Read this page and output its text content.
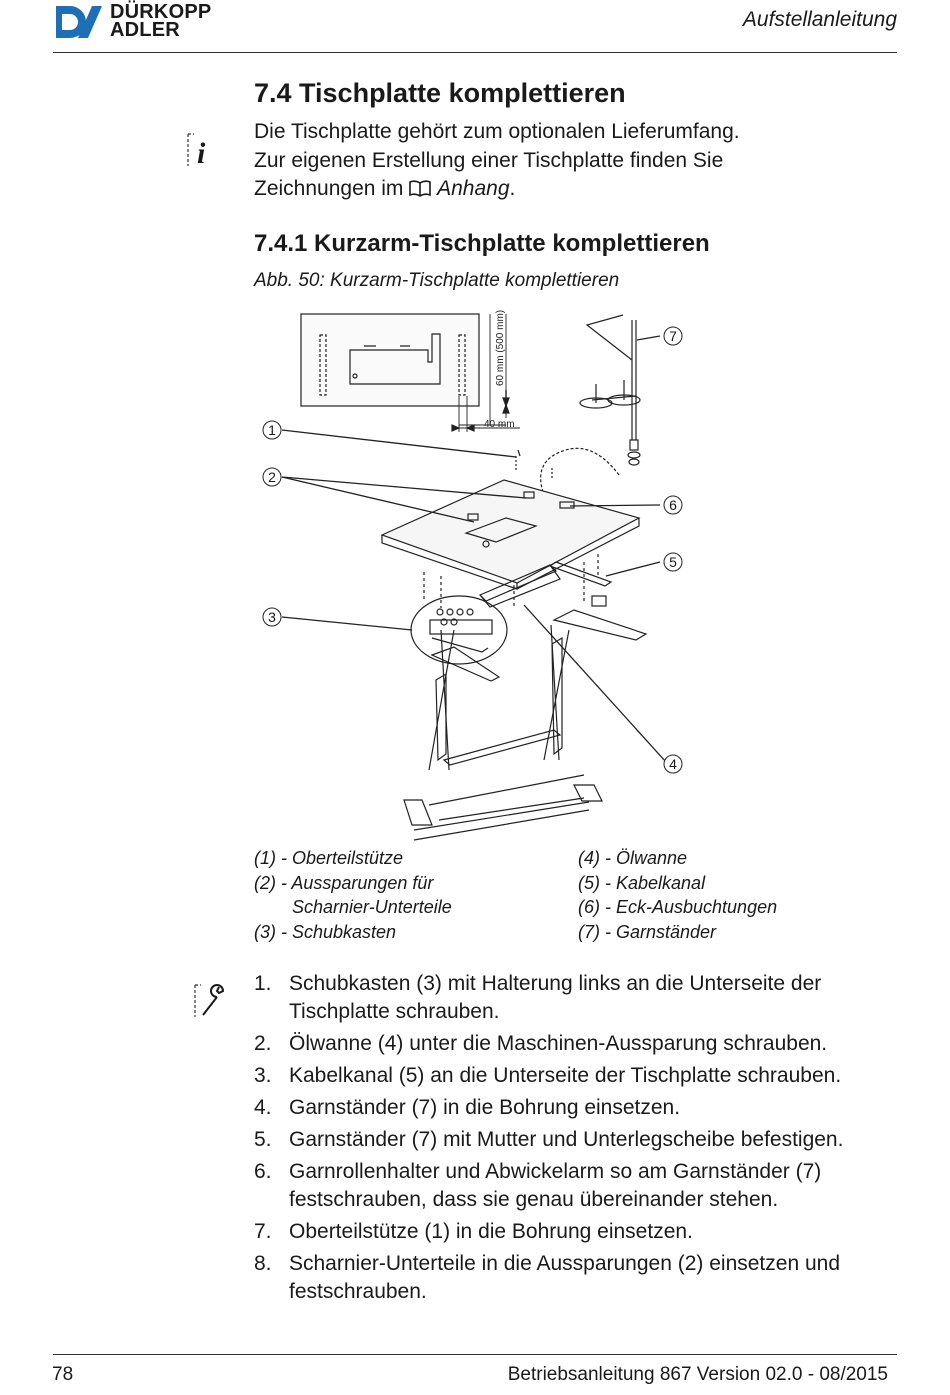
DÜRKOPP
ADLER	Aufstellanleitung
7.4 Tischplatte komplettieren
i
Die Tischplatte gehört zum optionalen Lieferumfang.
Zur eigenen Erstellung einer Tischplatte finden Sie
Zeichnungen im Anhang.
7.4.1 Kurzarm-Tischplatte komplettieren
Abb. 50: Kurzarm-Tischplatte komplettieren
60 mm (500 mm)
40 mm
1
2
3
4
5
6
7
(1) - Oberteilstütze
(2) - Aussparungen für
Scharnier-Unterteile
(3) - Schubkasten
(4) - Ölwanne
(5) - Kabelkanal
(6) - Eck-Ausbuchtungen
(7) - Garnständer
1. Schubkasten (3) mit Halterung links an die Unterseite der Tischplatte schrauben.
2. Ölwanne (4) unter die Maschinen-Aussparung schrauben.
3. Kabelkanal (5) an die Unterseite der Tischplatte schrauben.
4. Garnständer (7) in die Bohrung einsetzen.
5. Garnständer (7) mit Mutter und Unterlegscheibe befestigen.
6. Garnrollenhalter und Abwickelarm so am Garnständer (7) festschrauben, dass sie genau übereinander stehen.
7. Oberteilstütze (1) in die Bohrung einsetzen.
8. Scharnier-Unterteile in die Aussparungen (2) einsetzen und festschrauben.
78	Betriebsanleitung 867 Version 02.0 - 08/2015
